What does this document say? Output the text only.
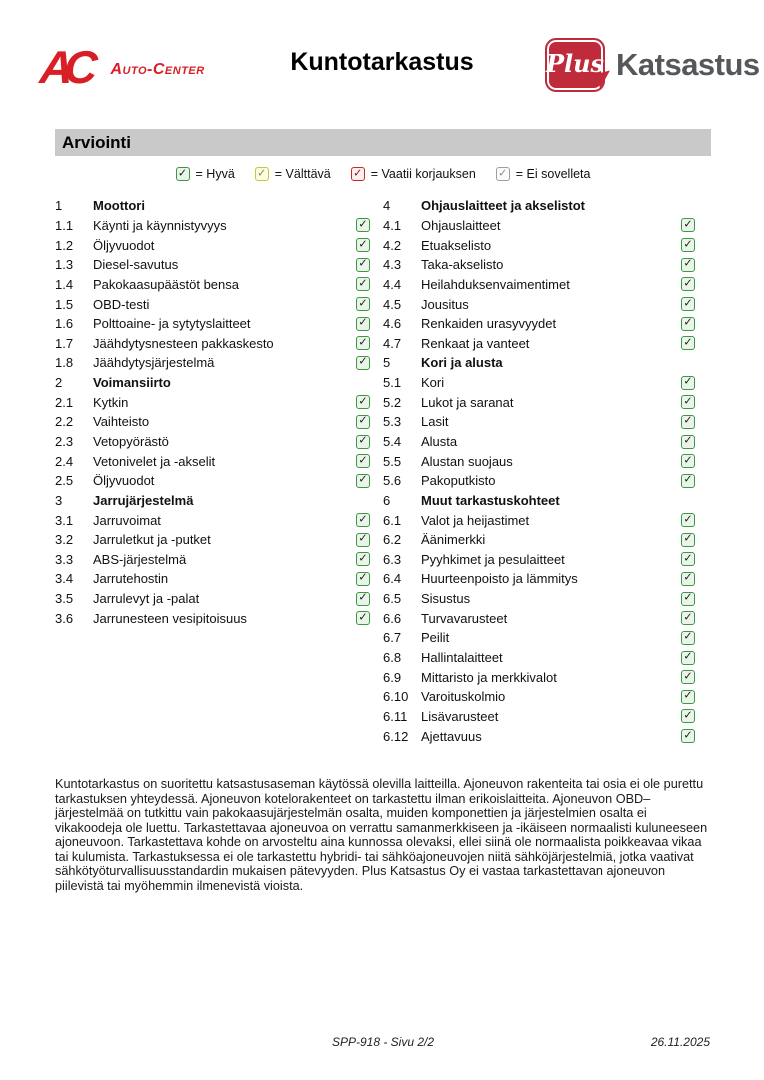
AC	Auto-Center	Kuntotarkastus	Plus Katsastus
Arviointi
✓ = Hyvä ✓ = Välttävä ✓ = Vaatii korjauksen ✓ = Ei sovelleta
1	Moottori
1.1	Käynti ja käynnistyvyys	✓
1.2	Öljyvuodot	✓
1.3	Diesel-savutus	✓
1.4	Pakokaasupäästöt bensa	✓
1.5	OBD-testi	✓
1.6	Polttoaine- ja sytytyslaitteet	✓
1.7	Jäähdytysnesteen pakkaskesto	✓
1.8	Jäähdytysjärjestelmä	✓
2	Voimansiirto
2.1	Kytkin	✓
2.2	Vaihteisto	✓
2.3	Vetopyörästö	✓
2.4	Vetonivelet ja -akselit	✓
2.5	Öljyvuodot	✓
3	Jarrujärjestelmä
3.1	Jarruvoimat	✓
3.2	Jarruletkut ja -putket	✓
3.3	ABS-järjestelmä	✓
3.4	Jarrutehostin	✓
3.5	Jarrulevyt ja -palat	✓
3.6	Jarrunesteen vesipitoisuus	✓
4	Ohjauslaitteet ja akselistot
4.1	Ohjauslaitteet	✓
4.2	Etuakselisto	✓
4.3	Taka-akselisto	✓
4.4	Heilahduksenvaimentimet	✓
4.5	Jousitus	✓
4.6	Renkaiden urasyvyydet	✓
4.7	Renkaat ja vanteet	✓
5	Kori ja alusta
5.1	Kori	✓
5.2	Lukot ja saranat	✓
5.3	Lasit	✓
5.4	Alusta	✓
5.5	Alustan suojaus	✓
5.6	Pakoputkisto	✓
6	Muut tarkastuskohteet
6.1	Valot ja heijastimet	✓
6.2	Äänimerkki	✓
6.3	Pyyhkimet ja pesulaitteet	✓
6.4	Huurteenpoisto ja lämmitys	✓
6.5	Sisustus	✓
6.6	Turvavarusteet	✓
6.7	Peilit	✓
6.8	Hallintalaitteet	✓
6.9	Mittaristo ja merkkivalot	✓
6.10 Varoituskolmio	✓
6.11	Lisävarusteet	✓
6.12 Ajettavuus	✓
Kuntotarkastus on suoritettu katsastusaseman käytössä olevilla laitteilla. Ajoneuvon rakenteita tai osia ei ole purettu tarkastuksen yhteydessä. Ajoneuvon kotelorakenteet on tarkastettu ilman erikoislaitteita. Ajoneuvon OBD–järjestelmää on tutkittu vain pakokaasujärjestelmän osalta, muiden komponettien ja järjestelmien osalta ei vikakoodeja ole luettu. Tarkastettavaa ajoneuvoa on verrattu samanmerkkiseen ja -ikäiseen normaalisti kuluneeseen ajoneuvoon. Tarkastettava kohde on arvosteltu aina kunnossa olevaksi, ellei siinä ole normaalista poikkeavaa vikaa tai kulumista. Tarkastuksessa ei ole tarkastettu hybridi- tai sähköajoneuvojen niitä sähköjärjestelmiä, jotka vaativat sähkötyöturvallisuusstandardin mukaisen pätevyyden. Plus Katsastus Oy ei vastaa tarkastettavan ajoneuvon piilevistä tai myöhemmin ilmenevistä vioista.
SPP-918 - Sivu 2/2	26.11.2025
